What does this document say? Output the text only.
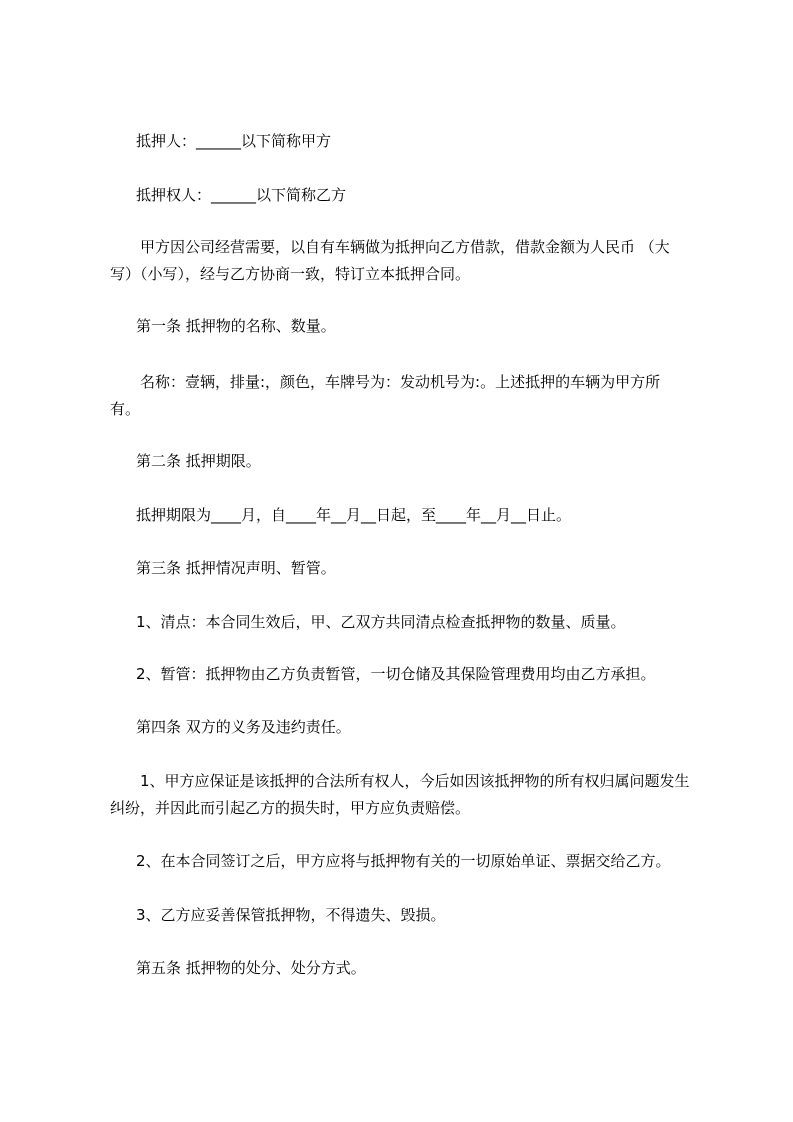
抵押人：______以下简称甲方
抵押权人：______以下简称乙方
甲方因公司经营需要，以自有车辆做为抵押向乙方借款，借款金额为人民币 （大写）（小写），经与乙方协商一致，特订立本抵押合同。
第一条 抵押物的名称、数量。
名称：壹辆，排量:，颜色，车牌号为：发动机号为:。上述抵押的车辆为甲方所有。
第二条 抵押期限。
抵押期限为____月，自____年__月__日起，至____年__月__日止。
第三条 抵押情况声明、暂管。
1、清点：本合同生效后，甲、乙双方共同清点检查抵押物的数量、质量。
2、暂管：抵押物由乙方负责暂管，一切仓储及其保险管理费用均由乙方承担。
第四条 双方的义务及违约责任。
1、甲方应保证是该抵押的合法所有权人，今后如因该抵押物的所有权归属问题发生纠纷，并因此而引起乙方的损失时，甲方应负责赔偿。
2、在本合同签订之后，甲方应将与抵押物有关的一切原始单证、票据交给乙方。
3、乙方应妥善保管抵押物，不得遗失、毁损。
第五条 抵押物的处分、处分方式。
